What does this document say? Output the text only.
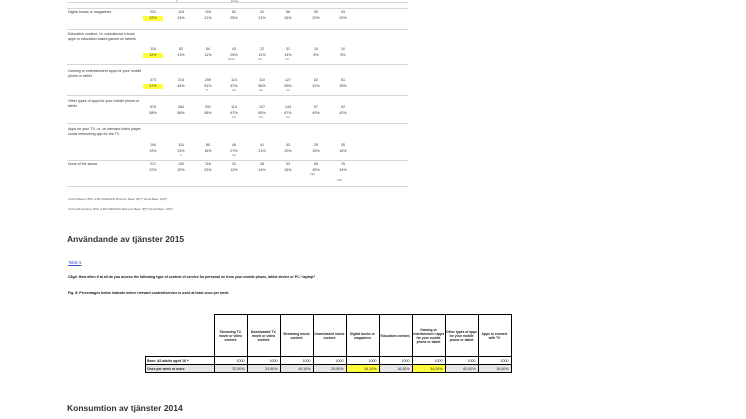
C	EFGH
Digital books or magazines	222	118	104	62	41	56	39	43
22%	24%	21%	25%	21%	26%	20%	20%
Education content, i.e. educational e-book apps or education based games on tablets
116	62	54	43	22	31	10	10
12%	13%	11%	25%	11%	14%	5%	5%
EFGH	GH	GH
Gaming or entertainment apps for your mobile phone or tablet
473	214	259	114	110	127	62	61
47%	44%	51%	67%	56%	59%	31%	28%
B	GH	GH	GH
Other types of apps for your mobile phone or tablet	576	284	291	114	127	144	97	92
58%	58%	58%	67%	65%	67%	49%	42%
GH	GH	GH
Apps for your TV, i.e. on demand video player, social networking app for the TV
194	114	80	46	41	43	29	35
19%	23%	16%	27%	21%	20%	15%	16%
C	GH
None of the above	217	100	116	20	28	33	60	76
22%	20%	23%	12%	14%	15%	30%	34%
DEF
DEF
ColumnMeans (5%): A,B/C,D/E/F/G/H Minimum Base: 30(**) Small Base: 100(*)
ColumnProportions (5%): A,B/C,D/E/F/G/H Minimum Base: 30(**) Small Base: 100(*)
Användande av tjänster 2015
Table 5
C8g4: How often if at all do you access the following type of content of service for personal on from your mobile phone, tablet device or PC / laptop?
Fig. 8: Percentages below indicate where relevant content/service is used at least once per week
	Streaming TV, movie or video content	Downloaded TV, movie or video content	Streaming music content	Downloaded music content	Digital books or magazines	Education content,	Gaming or entertainmen t apps for your mobile phone or tablet	Other types of apps for your mobile phone or tablet	Apps to connect with TV
Base: All adults aged 16 +	1000	1000	1000	1000	1000	1000	1000	1000	1000
Once per week or more	32,50%	24,90%	49,10%	25,50%	34,10%	16,40%	34,20%	62,00%	18,40%
Konsumtion av tjänster 2014
